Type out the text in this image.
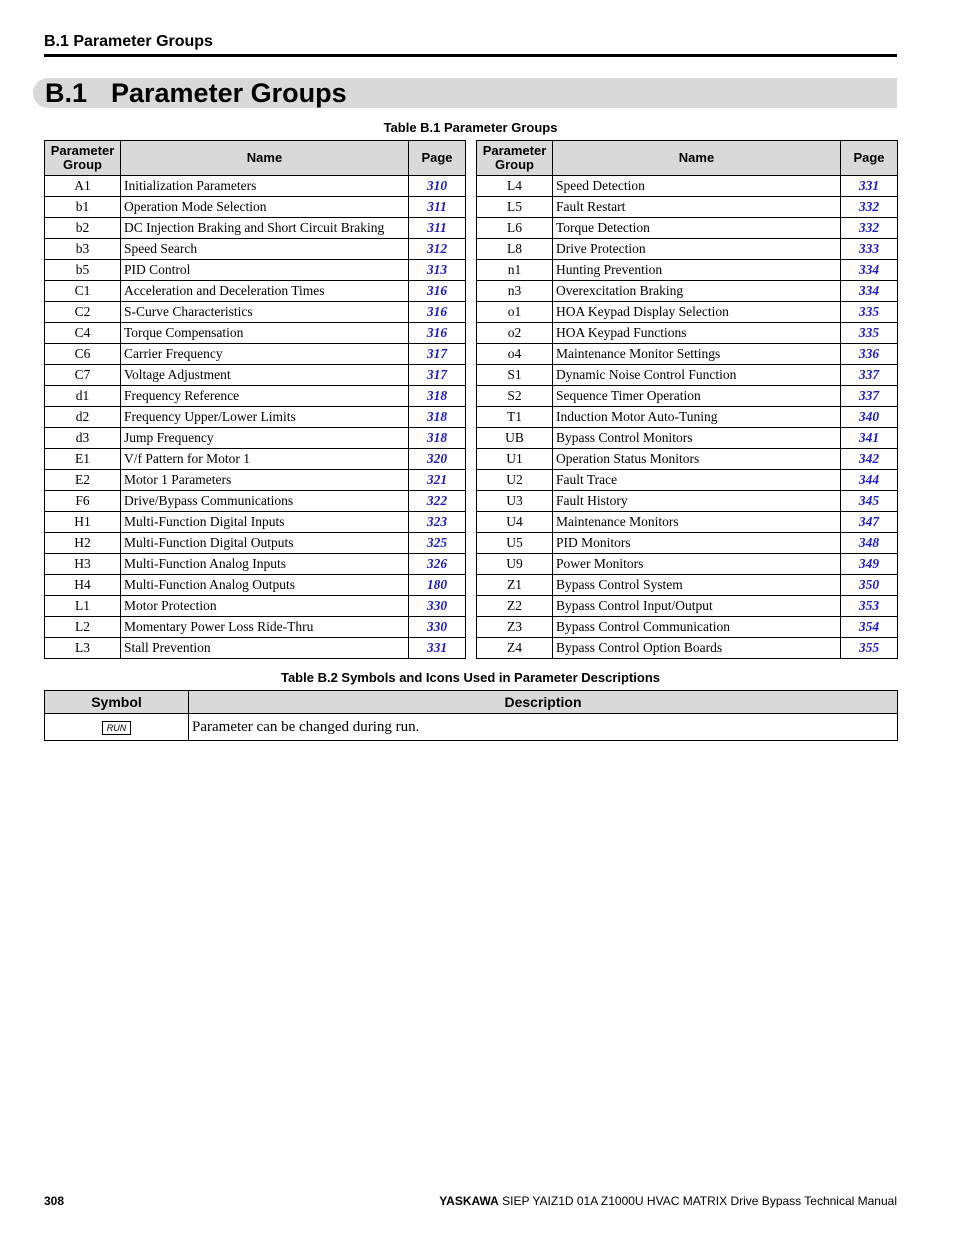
B.1 Parameter Groups
B.1 Parameter Groups
Table B.1 Parameter Groups
Parameter Group	Name	Page
A1	Initialization Parameters	310
b1	Operation Mode Selection	311
b2	DC Injection Braking and Short Circuit Braking	311
b3	Speed Search	312
b5	PID Control	313
C1	Acceleration and Deceleration Times	316
C2	S-Curve Characteristics	316
C4	Torque Compensation	316
C6	Carrier Frequency	317
C7	Voltage Adjustment	317
d1	Frequency Reference	318
d2	Frequency Upper/Lower Limits	318
d3	Jump Frequency	318
E1	V/f Pattern for Motor 1	320
E2	Motor 1 Parameters	321
F6	Drive/Bypass Communications	322
H1	Multi-Function Digital Inputs	323
H2	Multi-Function Digital Outputs	325
H3	Multi-Function Analog Inputs	326
H4	Multi-Function Analog Outputs	180
L1	Motor Protection	330
L2	Momentary Power Loss Ride-Thru	330
L3	Stall Prevention	331
Parameter Group	Name	Page
L4	Speed Detection	331
L5	Fault Restart	332
L6	Torque Detection	332
L8	Drive Protection	333
n1	Hunting Prevention	334
n3	Overexcitation Braking	334
o1	HOA Keypad Display Selection	335
o2	HOA Keypad Functions	335
o4	Maintenance Monitor Settings	336
S1	Dynamic Noise Control Function	337
S2	Sequence Timer Operation	337
T1	Induction Motor Auto-Tuning	340
UB	Bypass Control Monitors	341
U1	Operation Status Monitors	342
U2	Fault Trace	344
U3	Fault History	345
U4	Maintenance Monitors	347
U5	PID Monitors	348
U9	Power Monitors	349
Z1	Bypass Control System	350
Z2	Bypass Control Input/Output	353
Z3	Bypass Control Communication	354
Z4	Bypass Control Option Boards	355
Table B.2 Symbols and Icons Used in Parameter Descriptions
Symbol	Description
RUN	Parameter can be changed during run.
308	YASKAWA SIEP YAIZ1D 01A Z1000U HVAC MATRIX Drive Bypass Technical Manual
